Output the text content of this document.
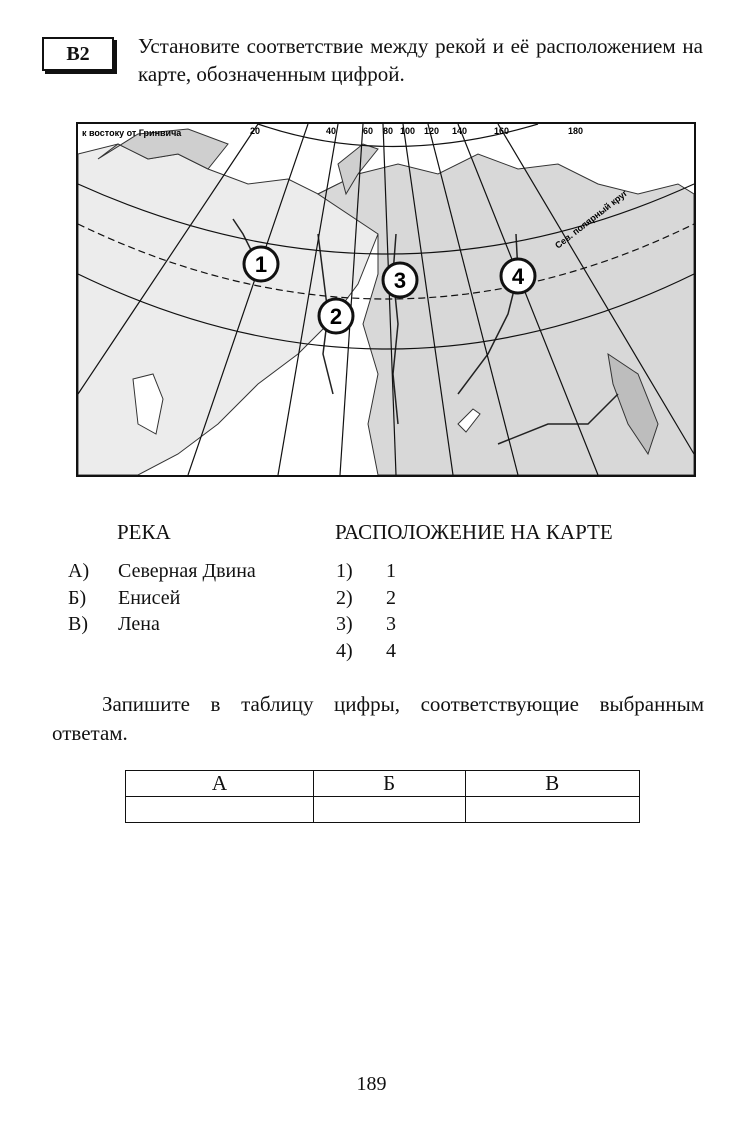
B2	Установите соответствие между рекой и её расположением на карте, обозначенным цифрой.
к востоку от Гринвича	20	40	60 80 100 120 140	160	180
Сев. полярный круг
1
2
3	4
РЕКА
А) Северная Двина
Б) Енисей
В) Лена
РАСПОЛОЖЕНИЕ НА КАРТЕ
1) 1
2) 2
3) 3
4) 4
Запишите в таблицу цифры, соответствующие выбранным ответам.
А	Б	В

189
